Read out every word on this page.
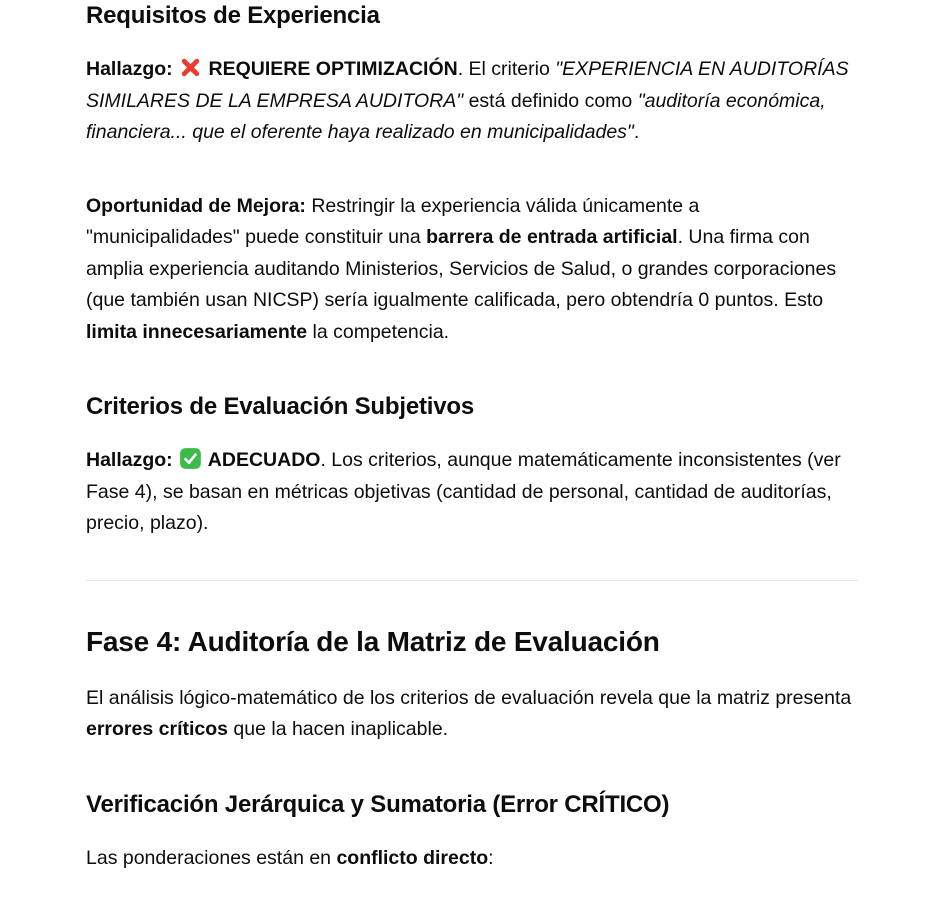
Requisitos de Experiencia

Hallazgo:
REQUIERE OPTIMIZACIÓN. El criterio "EXPERIENCIA EN AUDITORÍAS SIMILARES DE LA EMPRESA AUDITORA" está definido como "auditoría económica, financiera... que el oferente haya realizado en municipalidades".

Oportunidad de Mejora: Restringir la experiencia válida únicamente a "municipalidades" puede constituir una barrera de entrada artificial. Una firma con amplia experiencia auditando Ministerios, Servicios de Salud, o grandes corporaciones (que también usan NICSP) sería igualmente calificada, pero obtendría 0 puntos. Esto limita innecesariamente la competencia.

Criterios de Evaluación Subjetivos

Hallazgo:
ADECUADO. Los criterios, aunque matemáticamente inconsistentes (ver Fase 4), se basan en métricas objetivas (cantidad de personal, cantidad de auditorías, precio, plazo).

Fase 4: Auditoría de la Matriz de Evaluación

El análisis lógico-matemático de los criterios de evaluación revela que la matriz presenta errores críticos que la hacen inaplicable.

Verificación Jerárquica y Sumatoria (Error CRÍTICO)

Las ponderaciones están en conflicto directo:
